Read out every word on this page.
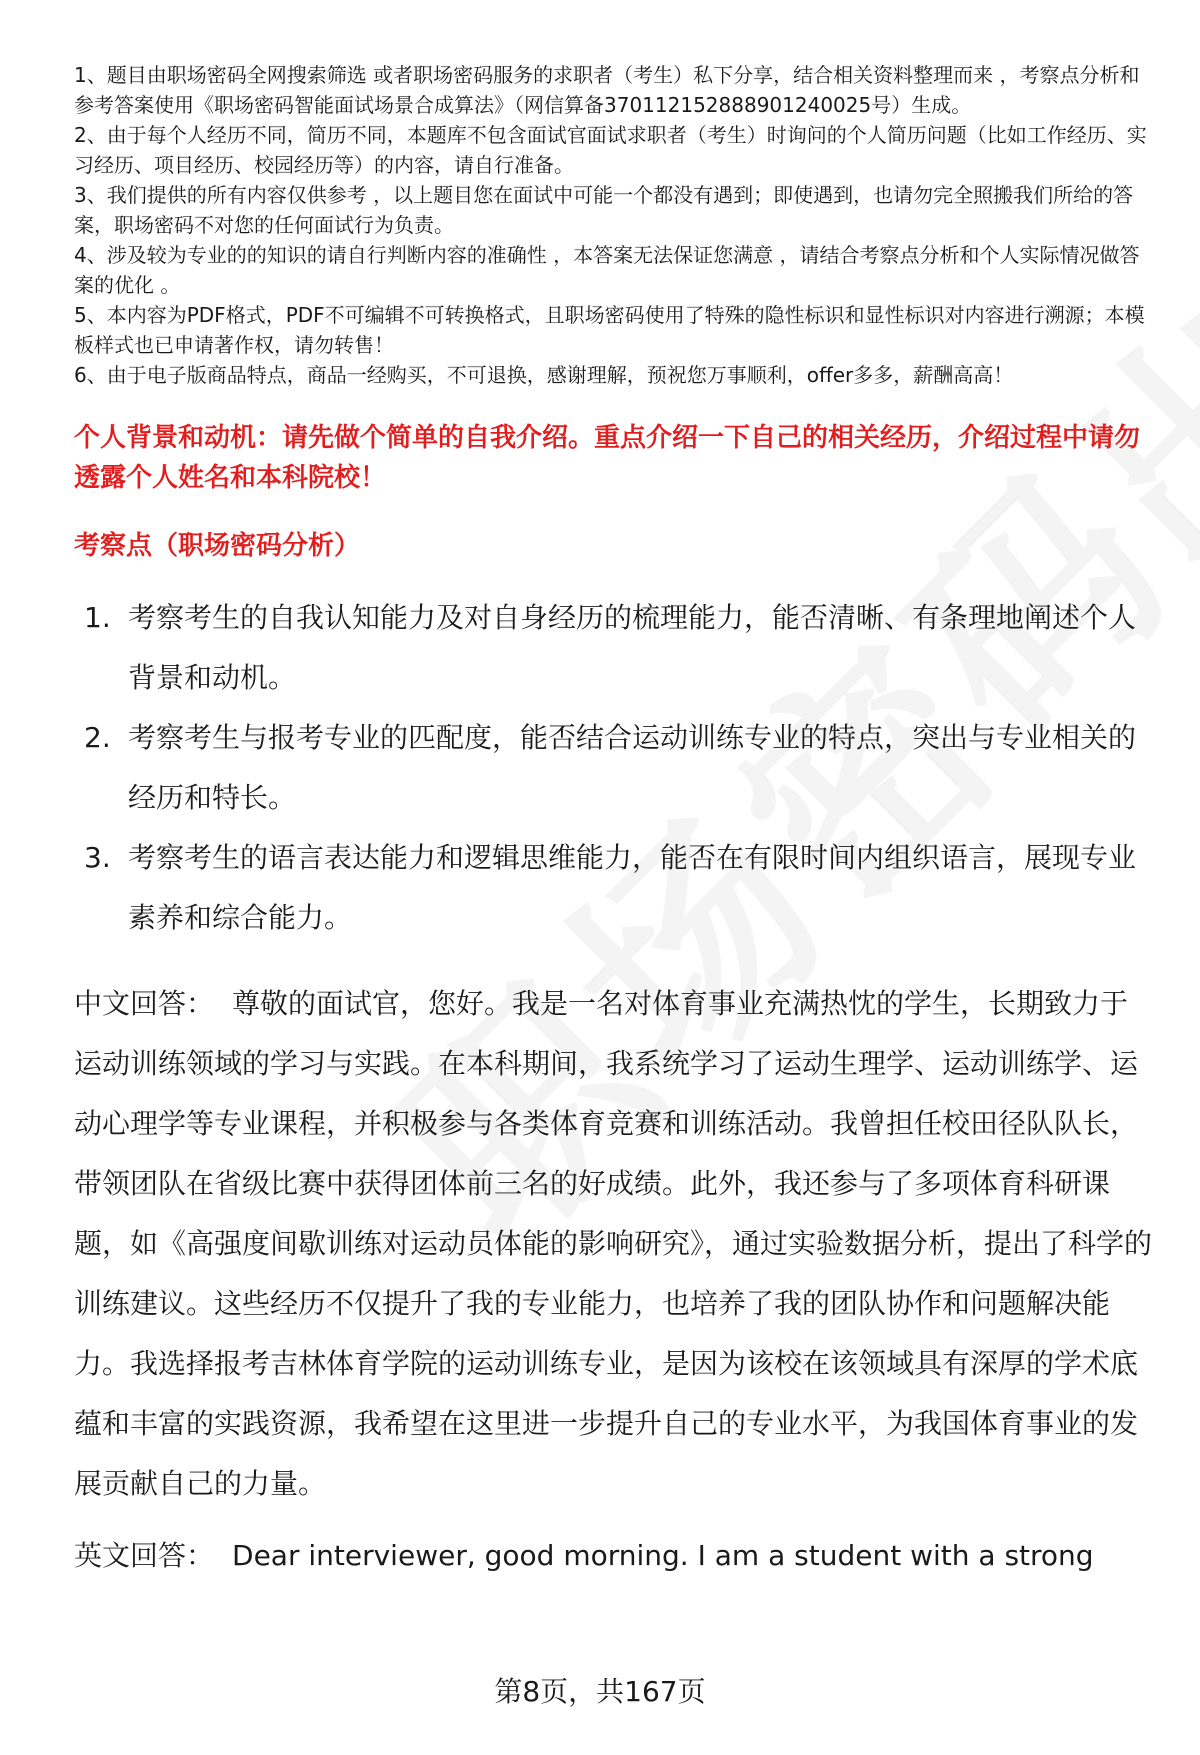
1、题目由职场密码全网搜索筛选 或者职场密码服务的求职者（考生）私下分享，结合相关资料整理而来 ，考察点分析和参考答案使用《职场密码智能面试场景合成算法》（网信算备370112152888901240025号）生成。

2、由于每个人经历不同，简历不同，本题库不包含面试官面试求职者（考生）时询问的个人简历问题（比如工作经历、实习经历、项目经历、校园经历等）的内容，请自行准备。

3、我们提供的所有内容仅供参考 ，以上题目您在面试中可能一个都没有遇到；即使遇到，也请勿完全照搬我们所给的答案，职场密码不对您的任何面试行为负责。

4、涉及较为专业的的知识的请自行判断内容的准确性 ，本答案无法保证您满意 ，请结合考察点分析和个人实际情况做答案的优化 。

5、本内容为PDF格式，PDF不可编辑不可转换格式，且职场密码使用了特殊的隐性标识和显性标识对内容进行溯源；本模板样式也已申请著作权，请勿转售！

6、由于电子版商品特点，商品一经购买，不可退换，感谢理解，预祝您万事顺利，offer多多，薪酬高高！

个人背景和动机：请先做个简单的自我介绍。重点介绍一下自己的相关经历，介绍过程中请勿透露个人姓名和本科院校！
考察点（职场密码分析）
1. 考察考生的自我认知能力及对自身经历的梳理能力，能否清晰、有条理地阐述个人背景和动机。
2. 考察考生与报考专业的匹配度，能否结合运动训练专业的特点，突出与专业相关的经历和特长。
3. 考察考生的语言表达能力和逻辑思维能力，能否在有限时间内组织语言，展现专业素养和综合能力。
中文回答： 尊敬的面试官，您好。我是一名对体育事业充满热忱的学生，长期致力于运动训练领域的学习与实践。在本科期间，我系统学习了运动生理学、运动训练学、运动心理学等专业课程，并积极参与各类体育竞赛和训练活动。我曾担任校田径队队长，带领团队在省级比赛中获得团体前三名的好成绩。此外，我还参与了多项体育科研课题，如《高强度间歇训练对运动员体能的影响研究》，通过实验数据分析，提出了科学的训练建议。这些经历不仅提升了我的专业能力，也培养了我的团队协作和问题解决能力。我选择报考吉林体育学院的运动训练专业，是因为该校在该领域具有深厚的学术底蕴和丰富的实践资源，我希望在这里进一步提升自己的专业水平，为我国体育事业的发展贡献自己的力量。
英文回答： Dear interviewer, good morning. I am a student with a strong
第8页，共167页
